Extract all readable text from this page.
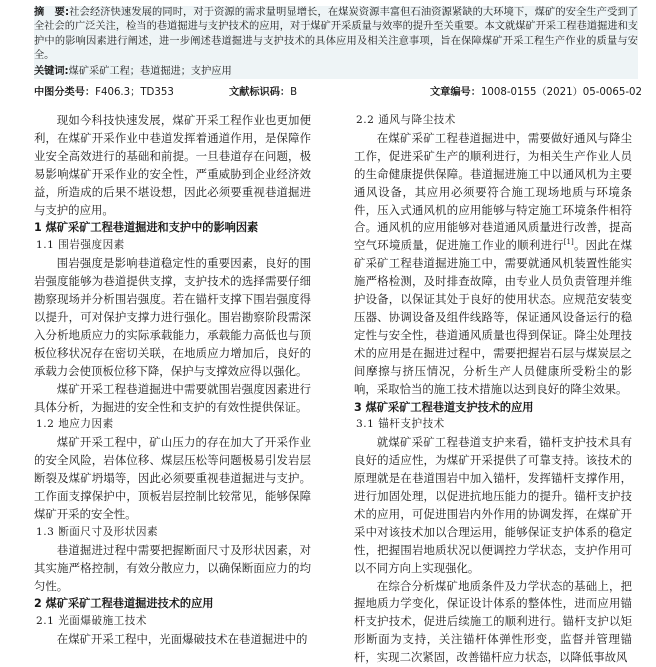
摘　要:社会经济快速发展的同时，对于资源的需求量明显增长，在煤炭资源丰富但石油资源紧缺的大环境下，煤矿的安全生产受到了全社会的广泛关注，检当的巷道掘进与支护技术的应用，对于煤矿开采质量与效率的提升至关重要。本文就煤矿开采工程巷道掘进和支护中的影响因素进行阐述，进一步阐述巷道掘进与支护技术的具体应用及相关注意事项，旨在保障煤矿开采工程生产作业的质量与安全。

关键词:煤矿采矿工程；巷道掘进；支护应用

中图分类号：F406.3；TD353	文献标识码：B	文章编号：1008-0155（2021）05-0065-02

现如今科技快速发展，煤矿开采工程作业也更加便利，在煤矿开采作业中巷道发挥着通道作用，是保障作业安全高效进行的基础和前提。一旦巷道存在问题，极易影响煤矿开采作业的安全性，严重威胁到企业经济效益，所造成的后果不堪设想，因此必须要重视巷道掘进与支护的应用。

1 煤矿采矿工程巷道掘进和支护中的影响因素
1.1 围岩强度因素

围岩强度是影响巷道稳定性的重要因素，良好的围岩强度能够为巷道提供支撑，支护技术的选择需要仔细勘察现场并分析围岩强度。若在锚杆支撑下围岩强度得以提升，可对保护支撑力进行强化。围岩勘察阶段需深入分析地质应力的实际承载能力，承载能力高低也与顶板位移状况存在密切关联，在地质应力增加后，良好的承载力会使顶板位移下降，保护与支撑效应得以强化。

煤矿开采工程巷道掘进中需要就围岩强度因素进行具体分析，为掘进的安全性和支护的有效性提供保证。

1.2 地应力因素

煤矿开采工程中，矿山压力的存在加大了开采作业的安全风险，岩体位移、煤层压松等问题极易引发岩层断裂及煤矿坍塌等，因此必须要重视巷道掘进与支护。工作面支撑保护中，顶板岩层控制比较常见，能够保障煤矿开采的安全性。

1.3 断面尺寸及形状因素

巷道掘进过程中需要把握断面尺寸及形状因素，对其实施严格控制，有效分散应力，以确保断面应力的均匀性。

2 煤矿采矿工程巷道掘进技术的应用
2.1 光面爆破施工技术

在煤矿开采工程中，光面爆破技术在巷道掘进中的

2.2 通风与降尘技术

在煤矿采矿工程巷道掘进中，需要做好通风与降尘工作，促进采矿生产的顺利进行，为相关生产作业人员的生命健康提供保障。巷道掘进施工中以通风机为主要通风设备，其应用必须要符合施工现场地质与环境条件，压入式通风机的应用能够与特定施工环境条件相符合。通风机的应用能够对巷道通风质量进行改善，提高空气环境质量，促进施工作业的顺利进行[1]。因此在煤矿采矿工程巷道掘进施工中，需要就通风机装置性能实施严格检测，及时排查故障，由专业人员负责管理并维护设备，以保证其处于良好的使用状态。应规范安装变压器、协调设备及组件线路等，保证通风设备运行的稳定性与安全性，巷道通风质量也得到保证。降尘处理技术的应用是在掘进过程中，需要把握岩石层与煤炭层之间摩擦与挤压情况，分析生产人员健康所受粉尘的影响，采取恰当的施工技术措施以达到良好的降尘效果。

3 煤矿采矿工程巷道支护技术的应用
3.1 锚杆支护技术

就煤矿采矿工程巷道支护来看，锚杆支护技术具有良好的适应性，为煤矿开采提供了可靠支持。该技术的原理就是在巷道围岩中加入锚杆，发挥锚杆支撑作用，进行加固处理，以促进抗地压能力的提升。锚杆支护技术的应用，可促进围岩内外作用的协调发挥，在煤矿开采中对该技术加以合理运用，能够保证支护体系的稳定性，把握围岩地质状况以便调控力学状态，支护作用可以不同方向上实现强化。

在综合分析煤矿地质条件及力学状态的基础上，把握地质力学变化，保证设计体系的整体性，进而应用锚杆支护技术，促进后续施工的顺利进行。锚杆支护以矩形断面为支持，关注锚杆体弹性形变，监督并管理锚杆，实现二次紧固，改善锚杆应力状态，以降低事故风
